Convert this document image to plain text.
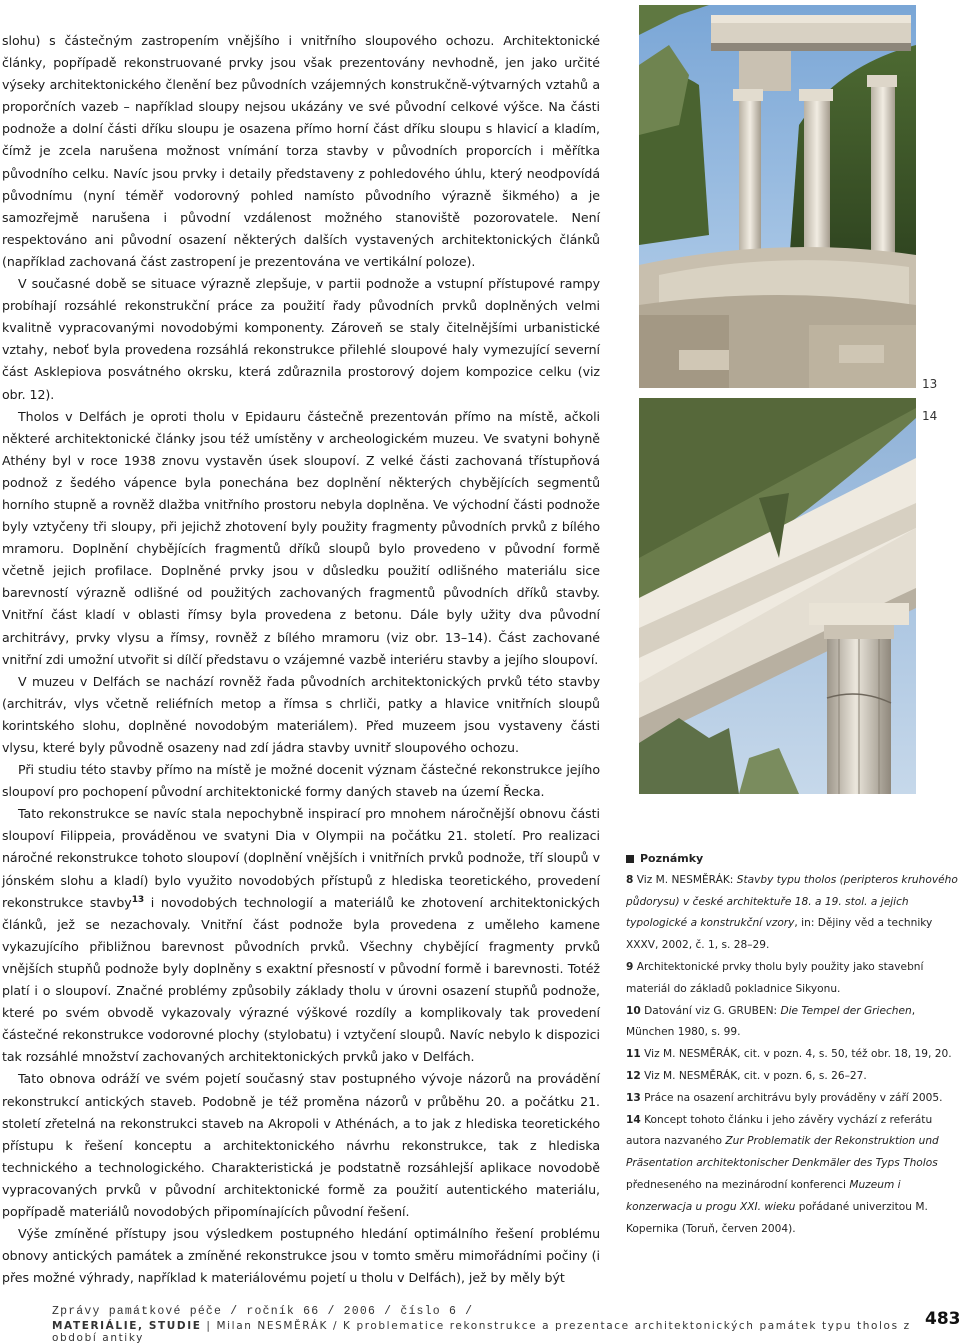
slohu) s částečným zastropením vnějšího i vnitřního sloupového ochozu. Architektonické články, popřípadě rekonstruované prvky jsou však prezentovány nevhodně, jen jako určité výseky architektonického členění bez původních vzájemných konstrukčně-výtvarných vztahů a proporčních vazeb – například sloupy nejsou ukázány ve své původní celkové výšce. Na části podnože a dolní části dříku sloupu je osazena přímo horní část dříku sloupu s hlavicí a kladím, čímž je zcela narušena možnost vnímání torza stavby v původních proporcích i měřítka původního celku. Navíc jsou prvky i detaily představeny z pohledového úhlu, který neodpovídá původnímu (nyní téměř vodorovný pohled namísto původního výrazně šikmého) a je samozřejmě narušena i původní vzdálenost možného stanoviště pozorovatele. Není respektováno ani původní osazení některých dalších vystavených architektonických článků (například zachovaná část zastropení je prezentována ve vertikální poloze).

V současné době se situace výrazně zlepšuje, v partii podnože a vstupní přístupové rampy probíhají rozsáhlé rekonstrukční práce za použití řady původních prvků doplněných velmi kvalitně vypracovanými novodobými komponenty. Zároveň se staly čitelnějšími urbanistické vztahy, neboť byla provedena rozsáhlá rekonstrukce přilehlé sloupové haly vymezující severní část Asklepiova posvátného okrsku, která zdůraznila prostorový dojem kompozice celku (viz obr. 12).

Tholos v Delfách je oproti tholu v Epidauru částečně prezentován přímo na místě, ačkoli některé architektonické články jsou též umístěny v archeologickém muzeu. Ve svatyni bohyně Athény byl v roce 1938 znovu vystavěn úsek sloupoví. Z velké části zachovaná třístupňová podnož z šedého vápence byla ponechána bez doplnění některých chybějících segmentů horního stupně a rovněž dlažba vnitřního prostoru nebyla doplněna. Ve východní části podnože byly vztyčeny tři sloupy, při jejichž zhotovení byly použity fragmenty původních prvků z bílého mramoru. Doplnění chybějících fragmentů dříků sloupů bylo provedeno v původní formě včetně jejich profilace. Doplněné prvky jsou v důsledku použití odlišného materiálu sice barevností výrazně odlišné od použitých zachovaných fragmentů původních dříků stavby. Vnitřní část kladí v oblasti římsy byla provedena z betonu. Dále byly užity dva původní architrávy, prvky vlysu a římsy, rovněž z bílého mramoru (viz obr. 13–14). Část zachované vnitřní zdi umožní utvořit si dílčí představu o vzájemné vazbě interiéru stavby a jejího sloupoví.

V muzeu v Delfách se nachází rovněž řada původních architektonických prvků této stavby (architráv, vlys včetně reliéfních metop a římsa s chrliči, patky a hlavice vnitřních sloupů korintského slohu, doplněné novodobým materiálem). Před muzeem jsou vystaveny části vlysu, které byly původně osazeny nad zdí jádra stavby uvnitř sloupového ochozu.

Při studiu této stavby přímo na místě je možné docenit význam částečné rekonstrukce jejího sloupoví pro pochopení původní architektonické formy daných staveb na území Řecka.

Tato rekonstrukce se navíc stala nepochybně inspirací pro mnohem náročnější obnovu části sloupoví Filippeia, prováděnou ve svatyni Dia v Olympii na počátku 21. století. Pro realizaci náročné rekonstrukce tohoto sloupoví (doplnění vnějších i vnitřních prvků podnože, tří sloupů v jónském slohu a kladí) bylo využito novodobých přístupů z hlediska teoretického, provedení rekonstrukce stavby$^{13}$ i novodobých technologií a materiálů ke zhotovení architektonických článků, jež se nezachovaly. Vnitřní část podnože byla provedena z uměleho kamene vykazujícího přibližnou barevnost původních prvků. Všechny chybějící fragmenty prvků vnějších stupňů podnože byly doplněny s exaktní přesností v původní formě i barevnosti. Totéž platí i o sloupoví. Značné problémy způsobily základy tholu v úrovni osazení stupňů podnože, které po svém obvodě vykazovaly výrazné výškové rozdíly a komplikovaly tak provedení částečné rekonstrukce vodorovné plochy (stylobatu) i vztyčení sloupů. Navíc nebylo k dispozici tak rozsáhlé množství zachovaných architektonických prvků jako v Delfách.

Tato obnova odráží ve svém pojetí současný stav postupného vývoje názorů na provádění rekonstrukcí antických staveb. Podobně je též proměna názorů v průběhu 20. a počátku 21. století zřetelná na rekonstrukci staveb na Akropoli v Athénách, a to jak z hlediska teoretického přístupu k řešení konceptu a architektonického návrhu rekonstrukce, tak z hlediska technického a technologického. Charakteristická je podstatně rozsáhlejší aplikace novodobě vypracovaných prvků v původní architektonické formě za použití autentického materiálu, popřípadě materiálů novodobých připomínajících původní řešení.

Výše zmíněné přístupy jsou výsledkem postupného hledání optimálního řešení problému obnovy antických památek a zmíněné rekonstrukce jsou v tomto směru mimořádními počiny (i přes možné výhrady, například k materiálovému pojetí u tholu v Delfách), jež by měly být

13
14
Poznámky

8 Viz M. NESMĚRÁK: Stavby typu tholos (peripteros kruhového půdorysu) v české architektuře 18. a 19. stol. a jejich typologické a konstrukční vzory, in: Dějiny věd a techniky XXXV, 2002, č. 1, s. 28–29.

9 Architektonické prvky tholu byly použity jako stavební materiál do základů pokladnice Sikyonu.

10 Datování viz G. GRUBEN: Die Tempel der Griechen, München 1980, s. 99.

11 Viz M. NESMĚRÁK, cit. v pozn. 4, s. 50, též obr. 18, 19, 20.

12 Viz M. NESMĚRÁK, cit. v pozn. 6, s. 26–27.

13 Práce na osazení architrávu byly prováděny v září 2005.

14 Koncept tohoto článku i jeho závěry vychází z referátu autora nazvaného Zur Problematik der Rekonstruktion und Präsentation architektonischer Denkmäler des Typs Tholos předneseného na mezinárodní konferenci Muzeum i konzerwacja u progu XXI. wieku pořádané univerzitou M. Kopernika (Toruň, červen 2004).

Zprávy památkové péče / ročník 66 / 2006 / číslo 6 /
MATERIÁLIE, STUDIE | Milan NESMĚRÁK / K problematice rekonstrukce a prezentace architektonických památek typu tholos z období antiky
483
